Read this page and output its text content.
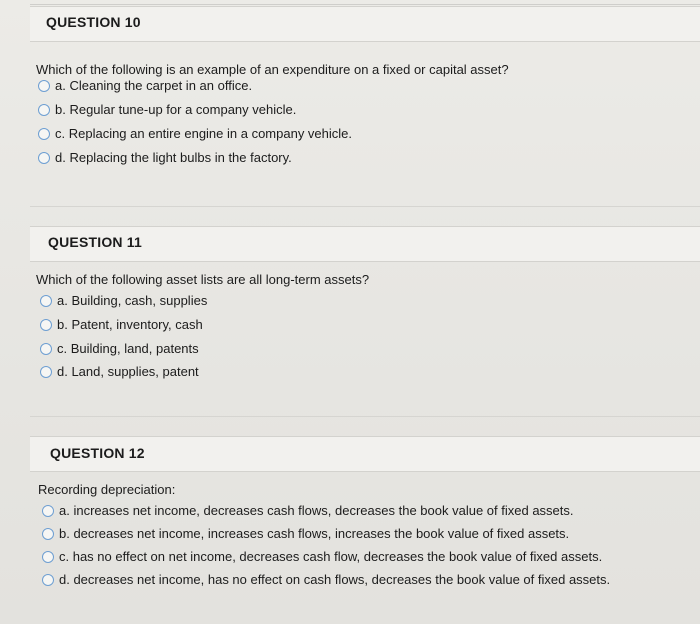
QUESTION 10
Which of the following is an example of an expenditure on a fixed or capital asset?
a. Cleaning the carpet in an office.
b. Regular tune-up for a company vehicle.
c. Replacing an entire engine in a company vehicle.
d. Replacing the light bulbs in the factory.
QUESTION 11
Which of the following asset lists are all long-term assets?
a. Building, cash, supplies
b. Patent, inventory, cash
c. Building, land, patents
d. Land, supplies, patent
QUESTION 12
Recording depreciation:
a. increases net income, decreases cash flows, decreases the book value of fixed assets.
b. decreases net income, increases cash flows, increases the book value of fixed assets.
c. has no effect on net income, decreases cash flow, decreases the book value of fixed assets.
d. decreases net income, has no effect on cash flows, decreases the book value of fixed assets.
